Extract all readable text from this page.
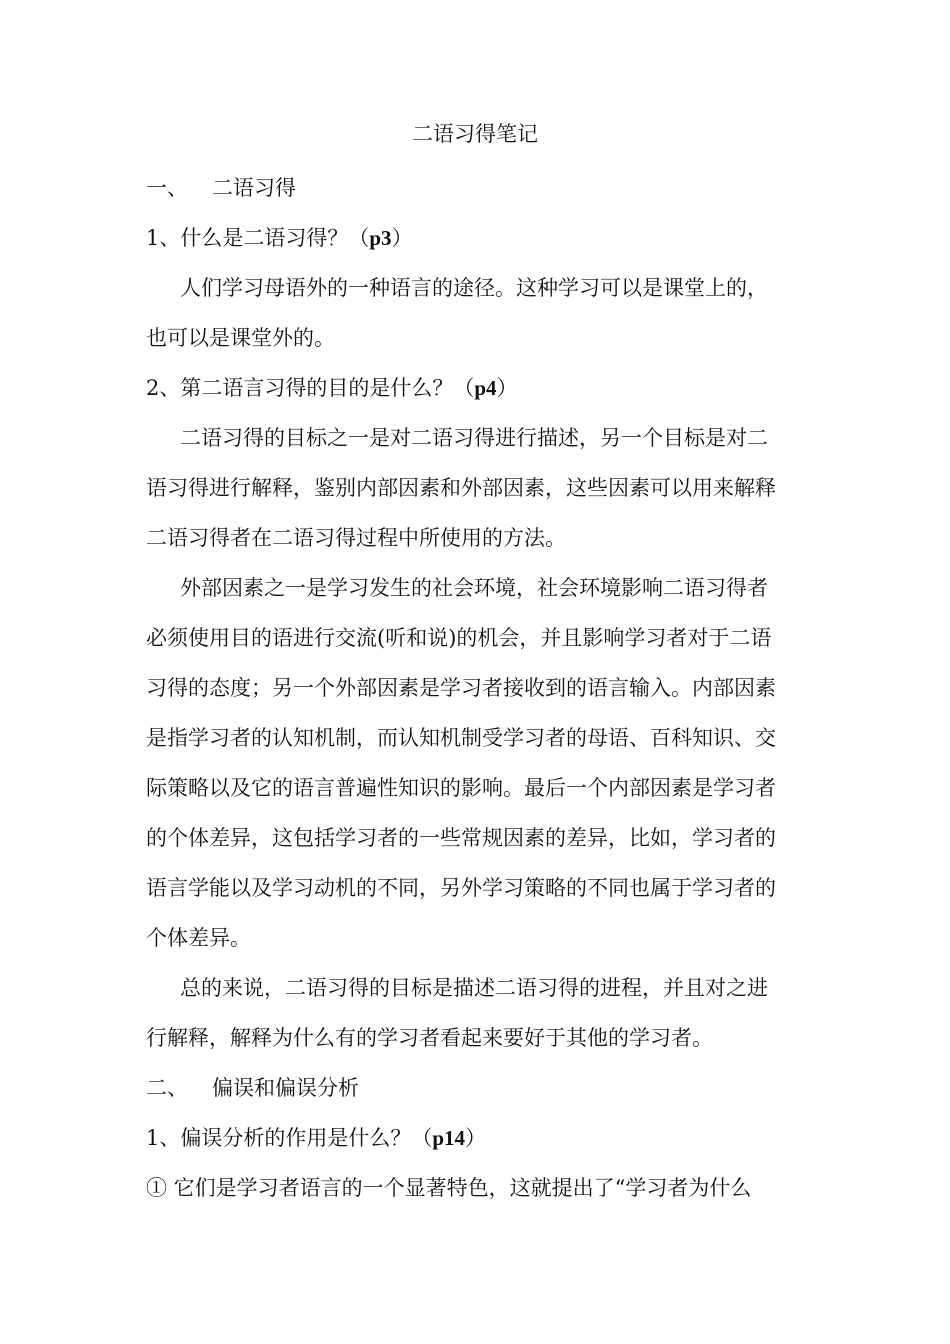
二语习得笔记

一、 二语习得

1、什么是二语习得？（p3）

人们学习母语外的一种语言的途径。这种学习可以是课堂上的，

也可以是课堂外的。

2、第二语言习得的目的是什么？（p4）

二语习得的目标之一是对二语习得进行描述，另一个目标是对二

语习得进行解释，鉴别内部因素和外部因素，这些因素可以用来解释

二语习得者在二语习得过程中所使用的方法。

外部因素之一是学习发生的社会环境，社会环境影响二语习得者

必须使用目的语进行交流(听和说)的机会，并且影响学习者对于二语

习得的态度；另一个外部因素是学习者接收到的语言输入。内部因素

是指学习者的认知机制，而认知机制受学习者的母语、百科知识、交

际策略以及它的语言普遍性知识的影响。最后一个内部因素是学习者

的个体差异，这包括学习者的一些常规因素的差异，比如，学习者的

语言学能以及学习动机的不同，另外学习策略的不同也属于学习者的

个体差异。

总的来说，二语习得的目标是描述二语习得的进程，并且对之进

行解释，解释为什么有的学习者看起来要好于其他的学习者。

二、 偏误和偏误分析

1、偏误分析的作用是什么？（p14）

① 它们是学习者语言的一个显著特色，这就提出了“学习者为什么
